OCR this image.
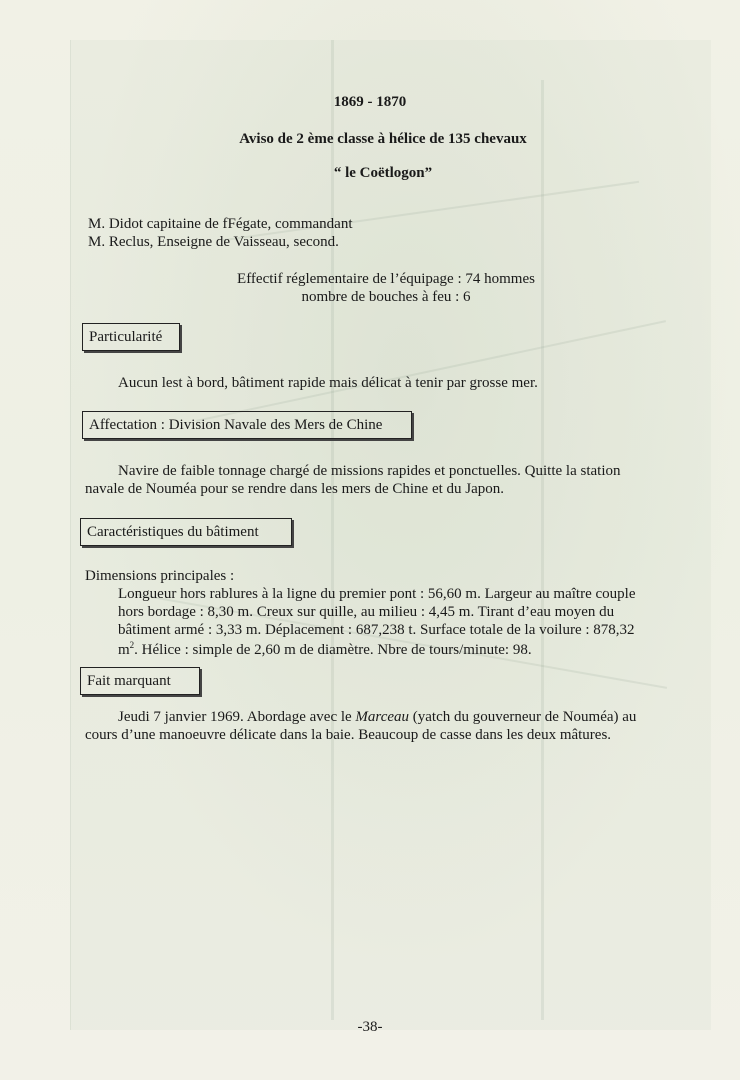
1869 - 1870
Aviso de 2 ème classe à hélice de 135 chevaux
“ le Coëtlogon”
M. Didot capitaine de fFégate, commandant
M. Reclus, Enseigne de Vaisseau, second.
Effectif réglementaire de l’équipage : 74 hommes
nombre de bouches à feu : 6
Particularité
Aucun lest à bord, bâtiment rapide mais délicat à tenir par grosse mer.
Affectation : Division Navale des Mers de Chine
Navire de faible tonnage chargé de missions rapides et ponctuelles. Quitte la station
navale de Nouméa pour se rendre dans les mers de Chine et du Japon.
Caractéristiques du bâtiment
Dimensions principales :
Longueur hors rablures à la ligne du premier pont : 56,60 m. Largeur au maître couple
hors bordage : 8,30 m. Creux sur quille, au milieu : 4,45 m. Tirant d’eau moyen du
bâtiment armé : 3,33 m. Déplacement : 687,238 t. Surface totale de la voilure : 878,32
$m^2$. Hélice : simple de 2,60 m de diamètre. Nbre de tours/minute: 98.
Fait marquant
Jeudi 7 janvier 1969. Abordage avec le Marceau (yatch du gouverneur de Nouméa) au
cours d’une manoeuvre délicate dans la baie. Beaucoup de casse dans les deux mâtures.
-38-
